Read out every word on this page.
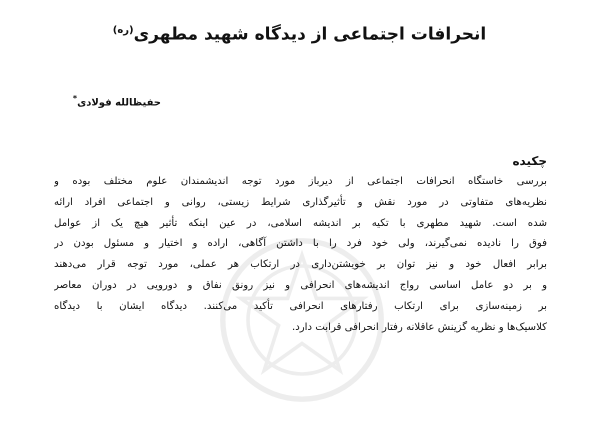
انحرافات اجتماعی از دیدگاه شهید مطهری$^{(ره)}$
حفیظالله فولادی*
چکیده
بررسی خاستگاه انحرافات اجتماعی از دیرباز مورد توجه اندیشمندان علوم مختلف بوده و
نظریه‌های متفاوتی در مورد نقش و تأثیرگذاری شرایط زیستی، روانی و اجتماعی افراد ارائه
شده است. شهید مطهری با تکیه بر اندیشه اسلامی، در عین اینکه تأثیر هیچ یک از عوامل
فوق را نادیده نمی‌گیرند، ولی خود فرد را با داشتن آگاهی، اراده و اختیار و مسئول بودن در
برابر افعال خود و نیز توان بر خویشتن‌داری در ارتکاب هر عملی، مورد توجه قرار می‌دهند
و بر دو عامل اساسی رواج اندیشه‌های انحرافی و نیز رونق نفاق و دورویی در دوران معاصر
بر زمینه‌سازی برای ارتکاب رفتارهای انحرافی تأکید می‌کنند. دیدگاه ایشان با دیدگاه
کلاسیک‌ها و نظریه گزینش عاقلانه رفتار انحرافی قرابت دارد.
